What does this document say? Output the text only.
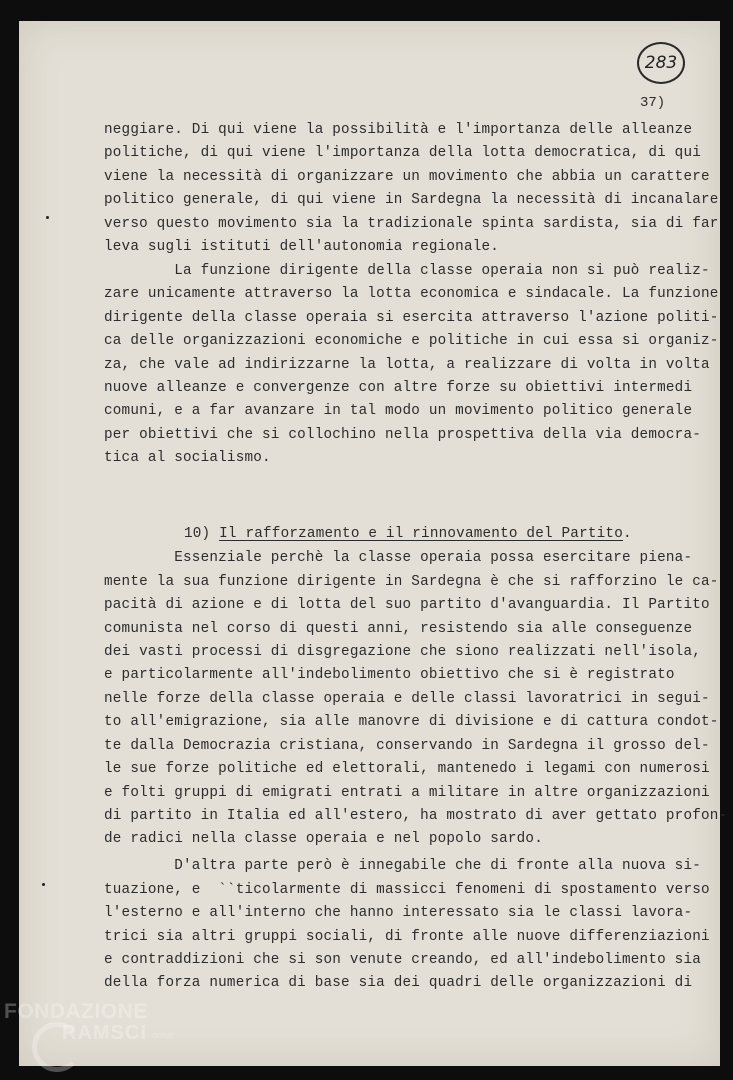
283
37)
neggiare. Di qui viene la possibilità e l'importanza delle alleanze
politiche, di qui viene l'importanza della lotta democratica, di qui
viene la necessità di organizzare un movimento che abbia un carattere
politico generale, di qui viene in Sardegna la necessità di incanalare
verso questo movimento sia la tradizionale spinta sardista, sia di far
leva sugli istituti dell'autonomia regionale.
La funzione dirigente della classe operaia non si può realiz-
zare unicamente attraverso la lotta economica e sindacale. La funzione
dirigente della classe operaia si esercita attraverso l'azione politi-
ca delle organizzazioni economiche e politiche in cui essa si organiz-
za, che vale ad indirizzarne la lotta, a realizzare di volta in volta
nuove alleanze e convergenze con altre forze su obiettivi intermedi
comuni, e a far avanzare in tal modo un movimento politico generale
per obiettivi che si collochino nella prospettiva della via democra-
tica al socialismo.
10) Il rafforzamento e il rinnovamento del Partito.
Essenziale perchè la classe operaia possa esercitare piena-
mente la sua funzione dirigente in Sardegna è che si rafforzino le ca-
pacità di azione e di lotta del suo partito d'avanguardia. Il Partito
comunista nel corso di questi anni, resistendo sia alle conseguenze
dei vasti processi di disgregazione che siono realizzati nell'isola,
e particolarmente all'indebolimento obiettivo che si è registrato
nelle forze della classe operaia e delle classi lavoratrici in segui-
to all'emigrazione, sia alle manovre di divisione e di cattura condot-
te dalla Democrazia cristiana, conservando in Sardegna il grosso del-
le sue forze politiche ed elettorali, mantenedo i legami con numerosi
e folti gruppi di emigrati entrati a militare in altre organizzazioni
di partito in Italia ed all'estero, ha mostrato di aver gettato profon-
de radici nella classe operaia e nel popolo sardo.
D'altra parte però è innegabile che di fronte alla nuova si-
tuazione, e  ``ticolarmente di massicci fenomeni di spostamento verso
l'esterno e all'interno che hanno interessato sia le classi lavora-
trici sia altri gruppi sociali, di fronte alle nuove differenziazioni
e contraddizioni che si son venute creando, ed all'indebolimento sia
della forza numerica di base sia dei quadri delle organizzazioni di
FONDAZIONE
RAMSCI onlus
